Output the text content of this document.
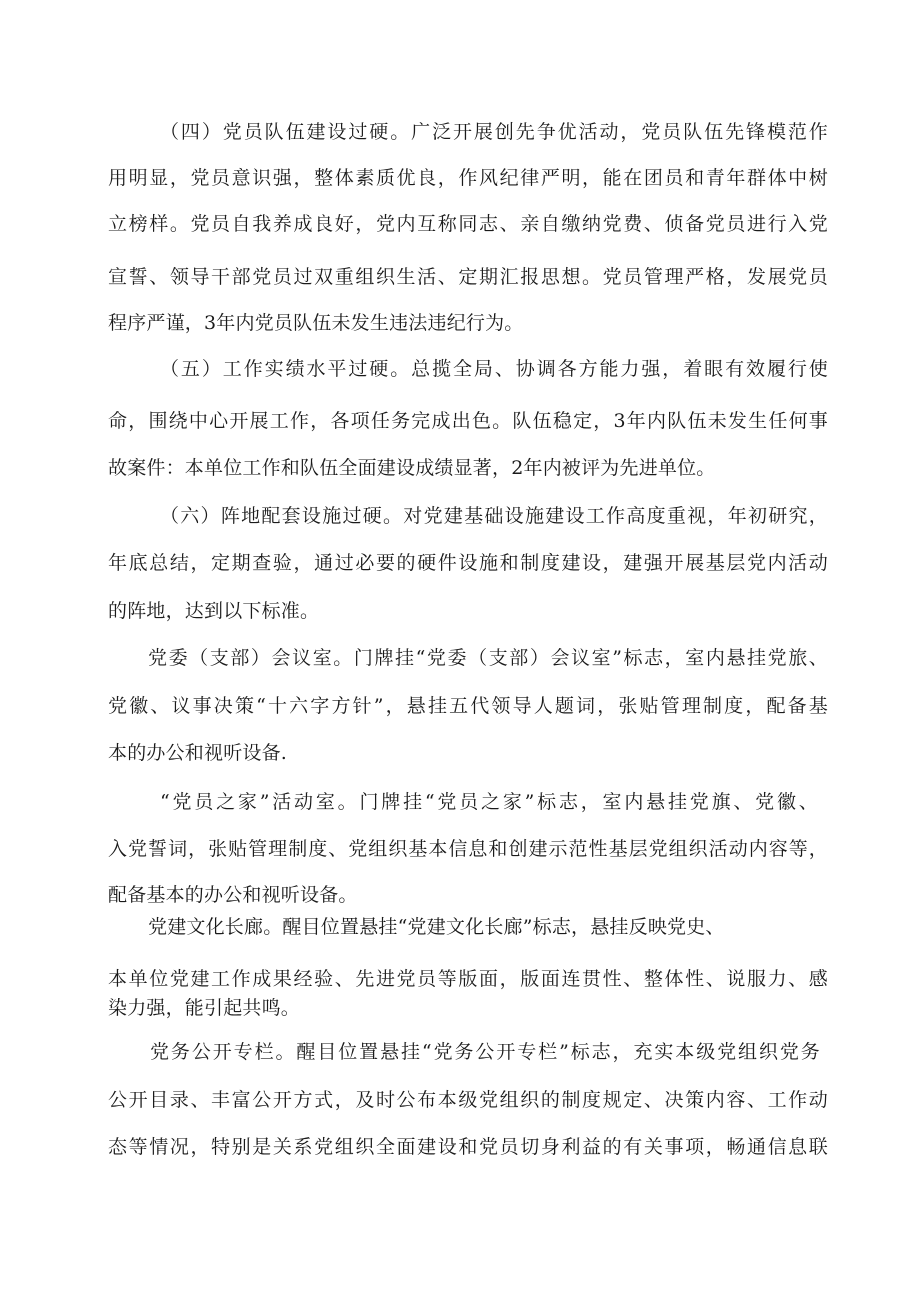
（四）党员队伍建设过硬。广泛开展创先争优活动，党员队伍先锋模范作
用明显，党员意识强，整体素质优良，作风纪律严明，能在团员和青年群体中树
立榜样。党员自我养成良好，党内互称同志、亲自缴纳党费、侦备党员进行入党
宣誓、领导干部党员过双重组织生活、定期汇报思想。党员管理严格，发展党员
程序严谨，3年内党员队伍未发生违法违纪行为。
（五）工作实绩水平过硬。总揽全局、协调各方能力强，着眼有效履行使
命，围绕中心开展工作，各项任务完成出色。队伍稳定，3年内队伍未发生任何事
故案件：本单位工作和队伍全面建设成绩显著，2年内被评为先进单位。
（六）阵地配套设施过硬。对党建基础设施建设工作高度重视，年初研究，
年底总结，定期查验，通过必要的硬件设施和制度建设，建强开展基层党内活动
的阵地，达到以下标准。
党委（支部）会议室。门牌挂“党委（支部）会议室”标志，室内悬挂党旅、
党徽、议事决策“十六字方针”，悬挂五代领导人题词，张贴管理制度，配备基
本的办公和视听设备.
“党员之家”活动室。门牌挂“党员之家”标志，室内悬挂党旗、党徽、
入党誓词，张贴管理制度、党组织基本信息和创建示范性基层党组织活动内容等，
配备基本的办公和视听设备。
党建文化长廊。醒目位置悬挂“党建文化长廊”标志，悬挂反映党史、
本单位党建工作成果经验、先进党员等版面，版面连贯性、整体性、说服力、感
染力强，能引起共鸣。
党务公开专栏。醒目位置悬挂“党务公开专栏”标志，充实本级党组织党务
公开目录、丰富公开方式，及时公布本级党组织的制度规定、决策内容、工作动
态等情况，特别是关系党组织全面建设和党员切身利益的有关事项，畅通信息联
